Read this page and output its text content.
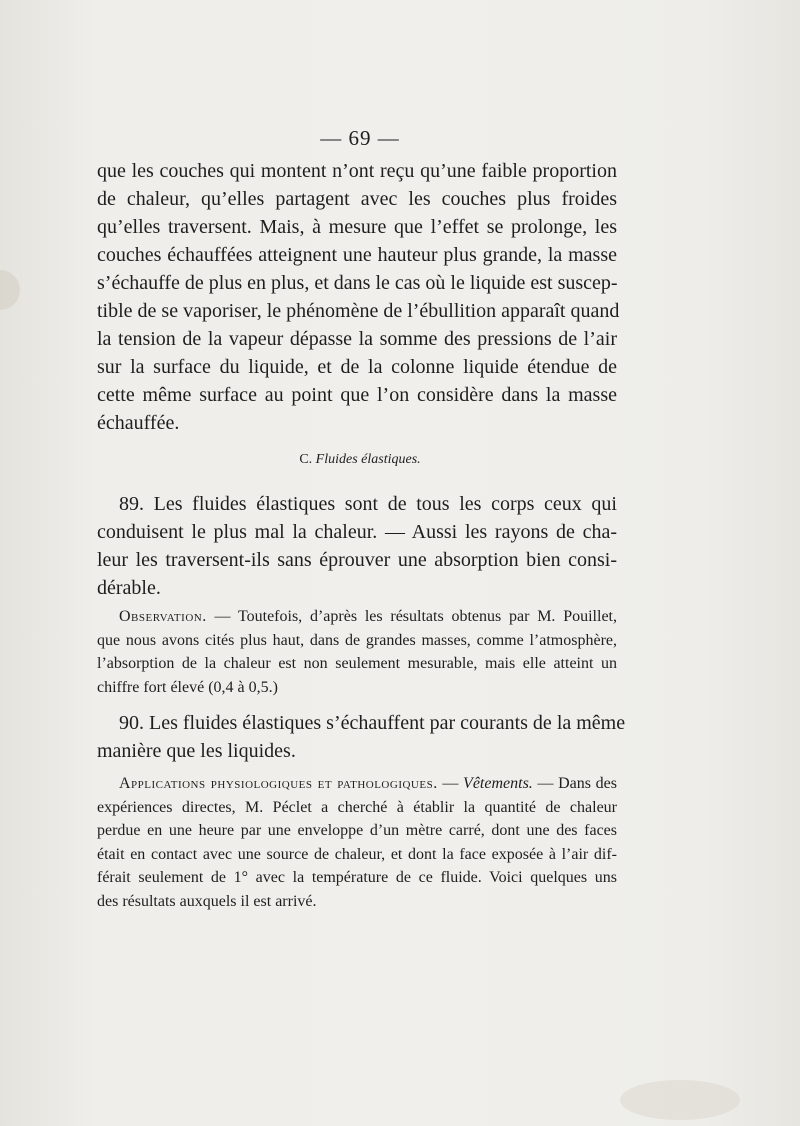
— 69 —
que les couches qui montent n’ont reçu qu’une faible proportion
de chaleur, qu’elles partagent avec les couches plus froides
qu’elles traversent. Mais, à mesure que l’effet se prolonge, les
couches échauffées atteignent une hauteur plus grande, la masse
s’échauffe de plus en plus, et dans le cas où le liquide est suscep-
tible de se vaporiser, le phénomène de l’ébullition apparaît quand
la tension de la vapeur dépasse la somme des pressions de l’air
sur la surface du liquide, et de la colonne liquide étendue de
cette même surface au point que l’on considère dans la masse
échauffée.
C. Fluides élastiques.
89. Les fluides élastiques sont de tous les corps ceux qui
conduisent le plus mal la chaleur. — Aussi les rayons de cha-
leur les traversent-ils sans éprouver une absorption bien consi-
dérable.
Observation. — Toutefois, d’après les résultats obtenus par M. Pouillet,
que nous avons cités plus haut, dans de grandes masses, comme l’atmosphère,
l’absorption de la chaleur est non seulement mesurable, mais elle atteint un
chiffre fort élevé (0,4 à 0,5.)
90. Les fluides élastiques s’échauffent par courants de la même
manière que les liquides.
Applications physiologiques et pathologiques. — Vêtements. — Dans des
expériences directes, M. Péclet a cherché à établir la quantité de chaleur
perdue en une heure par une enveloppe d’un mètre carré, dont une des faces
était en contact avec une source de chaleur, et dont la face exposée à l’air dif-
férait seulement de 1° avec la température de ce fluide. Voici quelques uns
des résultats auxquels il est arrivé.
